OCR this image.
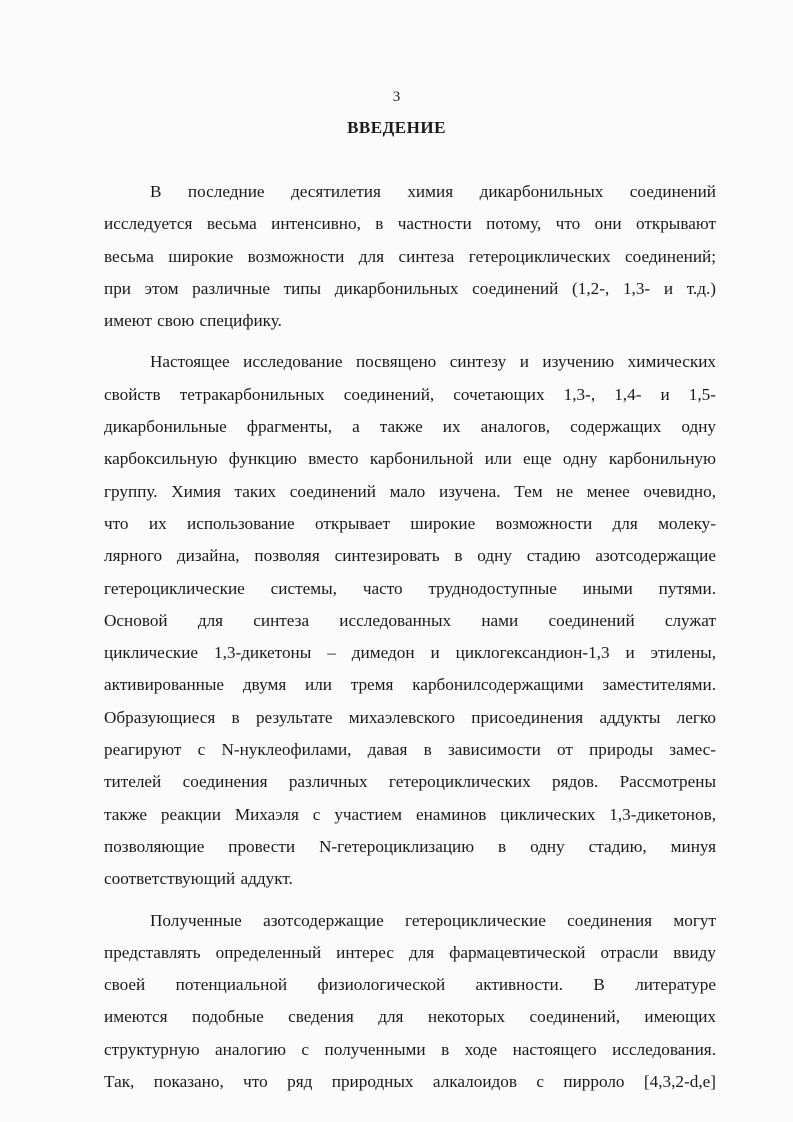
3
ВВЕДЕНИЕ
В последние десятилетия химия дикарбонильных соединений
исследуется весьма интенсивно, в частности потому, что они открывают
весьма широкие возможности для синтеза гетероциклических соединений;
при этом различные типы дикарбонильных соединений (1,2-, 1,3- и т.д.)
имеют свою специфику.
Настоящее исследование посвящено синтезу и изучению химических
свойств тетракарбонильных соединений, сочетающих 1,3-, 1,4- и 1,5-
дикарбонильные фрагменты, а также их аналогов, содержащих одну
карбоксильную функцию вместо карбонильной или еще одну карбонильную
группу. Химия таких соединений мало изучена. Тем не менее очевидно,
что их использование открывает широкие возможности для молеку-
лярного дизайна, позволяя синтезировать в одну стадию азотсодержащие
гетероциклические системы, часто труднодоступные иными путями.
Основой для синтеза исследованных нами соединений служат
циклические 1,3-дикетоны – димедон и циклогександион-1,3 и этилены,
активированные двумя или тремя карбонилсодержащими заместителями.
Образующиеся в результате михаэлевского присоединения аддукты легко
реагируют с N-нуклеофилами, давая в зависимости от природы замес-
тителей соединения различных гетероциклических рядов. Рассмотрены
также реакции Михаэля с участием енаминов циклических 1,3-дикетонов,
позволяющие провести N-гетероциклизацию в одну стадию, минуя
соответствующий аддукт.
Полученные азотсодержащие гетероциклические соединения могут
представлять определенный интерес для фармацевтической отрасли ввиду
своей потенциальной физиологической активности. В литературе
имеются подобные сведения для некоторых соединений, имеющих
структурную аналогию с полученными в ходе настоящего исследования.
Так, показано, что ряд природных алкалоидов с пирроло [4,3,2-d,e]
